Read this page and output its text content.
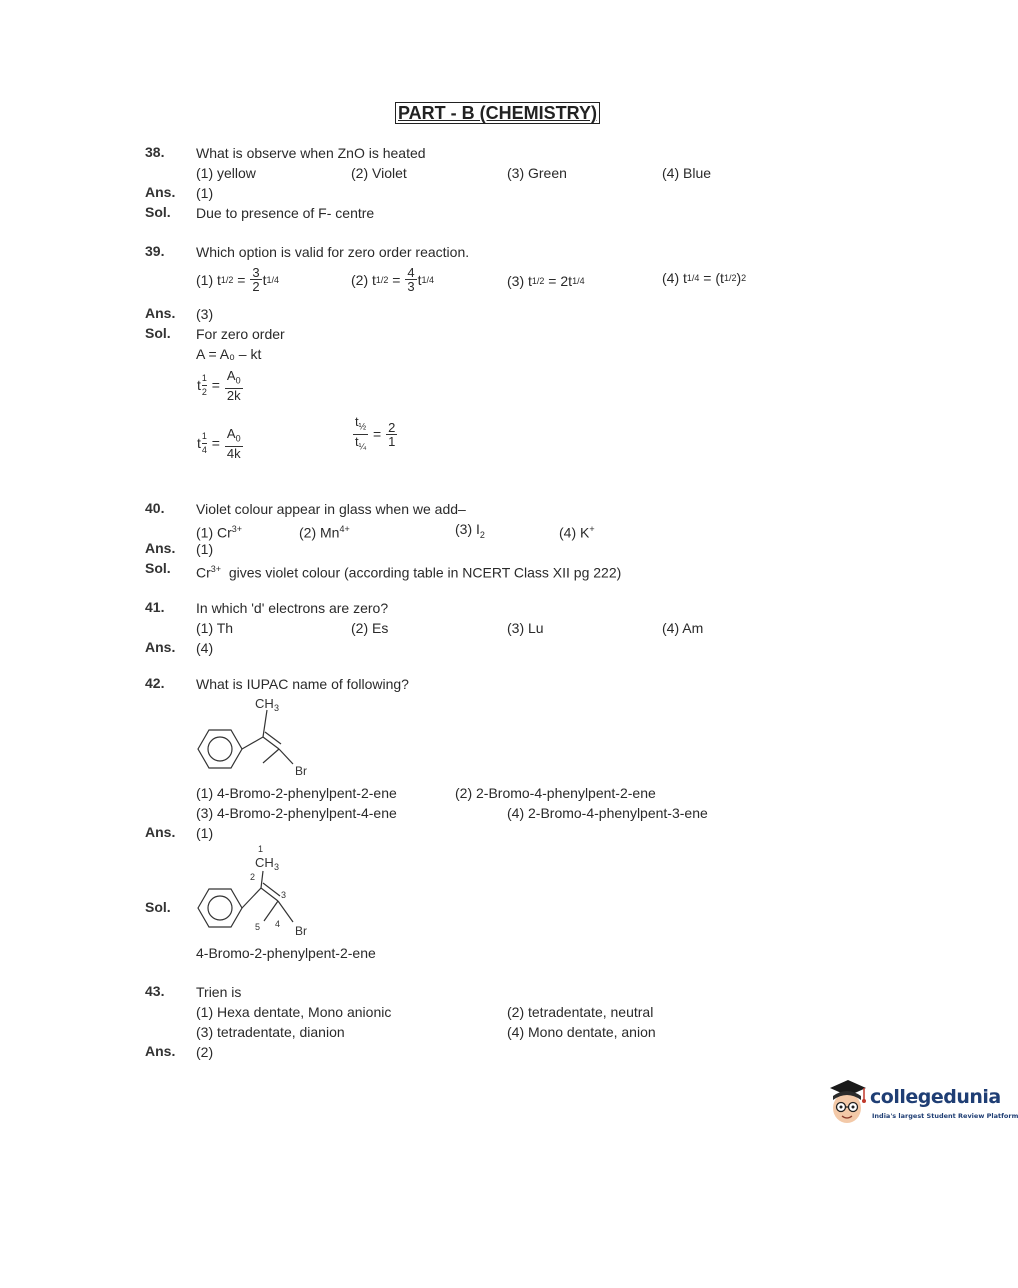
PART - B (CHEMISTRY)
38. What is observe when ZnO is heated
(1) yellow	(2) Violet	(3) Green	(4) Blue
Ans. (1)
Sol. Due to presence of F- centre
39. Which option is valid for zero order reaction.
(1) t $1/2 = \frac{3}{2}$ t 1/4	(2) t $1/2 = \frac{4}{3}$ t 1/4	(3) t 1/2 = 2t 1/4	(4) t 1/4 = (t 1/2 ) 2
Ans. (3)
Sol. For zero order
A = A₀ – kt
t $\frac{1}{2} = \frac{A_0}{2k}$
t $\frac{1}{4} = \frac{A_0}{4k}$	$\frac{t_{\frac{1}{2}}}{t_{\frac{1}{4}}} = \frac{2}{1}$
40. Violet colour appear in glass when we add–
(1) $Cr^{3+}$	(2) $Mn^{4+}$	(3) $I_2$	(4) K+
Ans. (1)
Sol. $Cr^{3+}$ gives violet colour (according table in NCERT Class XII pg 222)
41. In which 'd' electrons are zero?
(1) Th	(2) Es	(3) Lu	(4) Am
Ans. (4)
42. What is IUPAC name of following?
CH 3
Br
(1) 4-Bromo-2-phenylpent-2-ene	(2) 2-Bromo-4-phenylpent-2-ene
(3) 4-Bromo-2-phenylpent-4-ene	(4) 2-Bromo-4-phenylpent-3-ene
Ans. (1)
Sol.
1
CH 3
2
3
4
5	Br
4-Bromo-2-phenylpent-2-ene
43. Trien is
(1) Hexa dentate, Mono anionic	(2) tetradentate, neutral
(3) tetradentate, dianion	(4) Mono dentate, anion
Ans. (2)
collegedunia
India's largest Student Review Platform
